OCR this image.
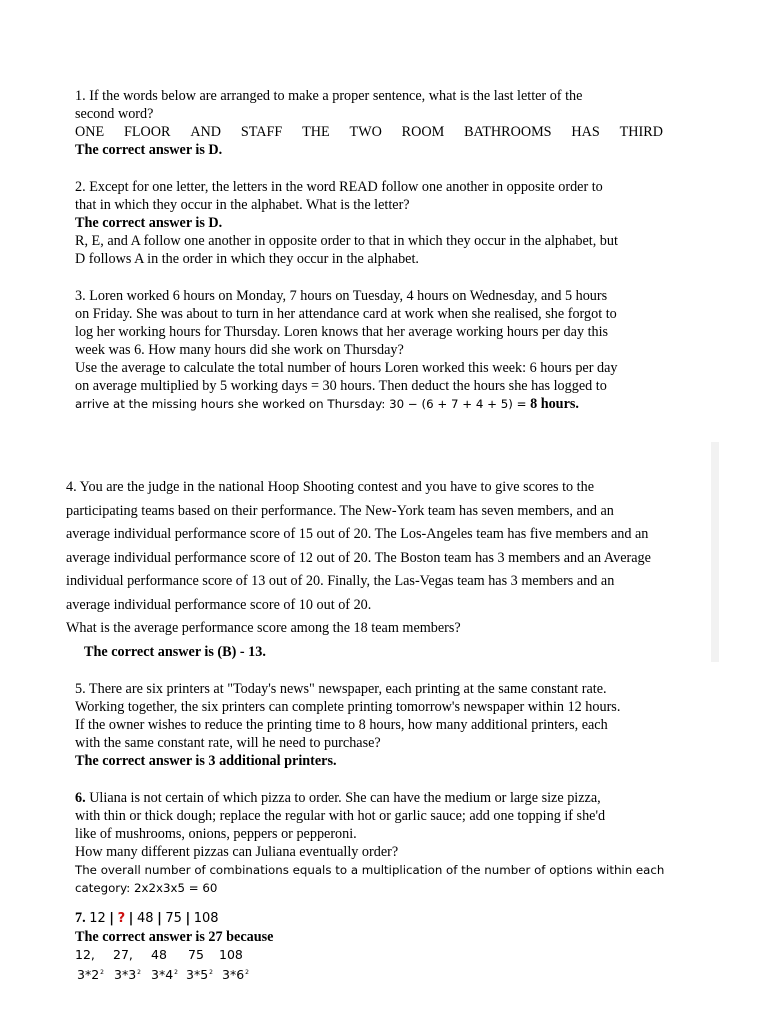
1. If the words below are arranged to make a proper sentence, what is the last letter of the
second word?
ONE FLOOR AND STAFF THE TWO ROOM BATHROOMS HAS THIRD
The correct answer is D.
2. Except for one letter, the letters in the word READ follow one another in opposite order to
that in which they occur in the alphabet. What is the letter?
The correct answer is D.
R, E, and A follow one another in opposite order to that in which they occur in the alphabet, but
D follows A in the order in which they occur in the alphabet.
3. Loren worked 6 hours on Monday, 7 hours on Tuesday, 4 hours on Wednesday, and 5 hours
on Friday. She was about to turn in her attendance card at work when she realised, she forgot to
log her working hours for Thursday. Loren knows that her average working hours per day this
week was 6. How many hours did she work on Thursday?
Use the average to calculate the total number of hours Loren worked this week: 6 hours per day
on average multiplied by 5 working days = 30 hours. Then deduct the hours she has logged to
arrive at the missing hours she worked on Thursday: 30 − (6 + 7 + 4 + 5) = 8 hours.
4. You are the judge in the national Hoop Shooting contest and you have to give scores to the
participating teams based on their performance. The New-York team has seven members, and an
average individual performance score of 15 out of 20. The Los-Angeles team has five members and an
average individual performance score of 12 out of 20. The Boston team has 3 members and an Average
individual performance score of 13 out of 20. Finally, the Las-Vegas team has 3 members and an
average individual performance score of 10 out of 20.
What is the average performance score among the 18 team members?
The correct answer is (B) - 13.
5. There are six printers at "Today's news" newspaper, each printing at the same constant rate.
Working together, the six printers can complete printing tomorrow's newspaper within 12 hours.
If the owner wishes to reduce the printing time to 8 hours, how many additional printers, each
with the same constant rate, will he need to purchase?
The correct answer is 3 additional printers.
6. Uliana is not certain of which pizza to order. She can have the medium or large size pizza,
with thin or thick dough; replace the regular with hot or garlic sauce; add one topping if she'd
like of mushrooms, onions, peppers or pepperoni.
How many different pizzas can Juliana eventually order?
The overall number of combinations equals to a multiplication of the number of options within each
category: 2x2x3x5 = 60
7. 12 | ? | 48 | 75 | 108
The correct answer is 27 because
12,	27,	48	75	108
3*22 3*32 3*42 3*52 3*62
